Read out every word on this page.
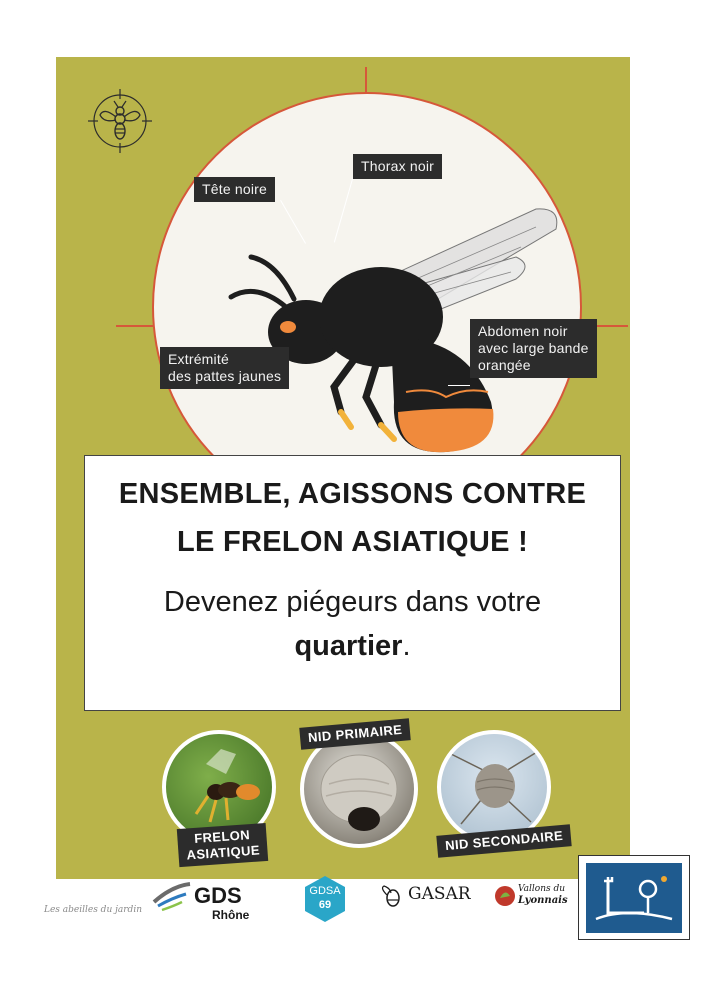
Tête noire
Thorax noir
Extrémité
des pattes jaunes
Abdomen noir
avec large bande
orangée
ENSEMBLE, AGISSONS CONTRE
LE FRELON ASIATIQUE !
Devenez piégeurs dans votre
quartier.
NID PRIMAIRE
FRELON
ASIATIQUE	NID SECONDAIRE
Les abeilles du jardin
GDS
Rhône
GDSA
69
GASAR	Vallons du
Lyonnais
